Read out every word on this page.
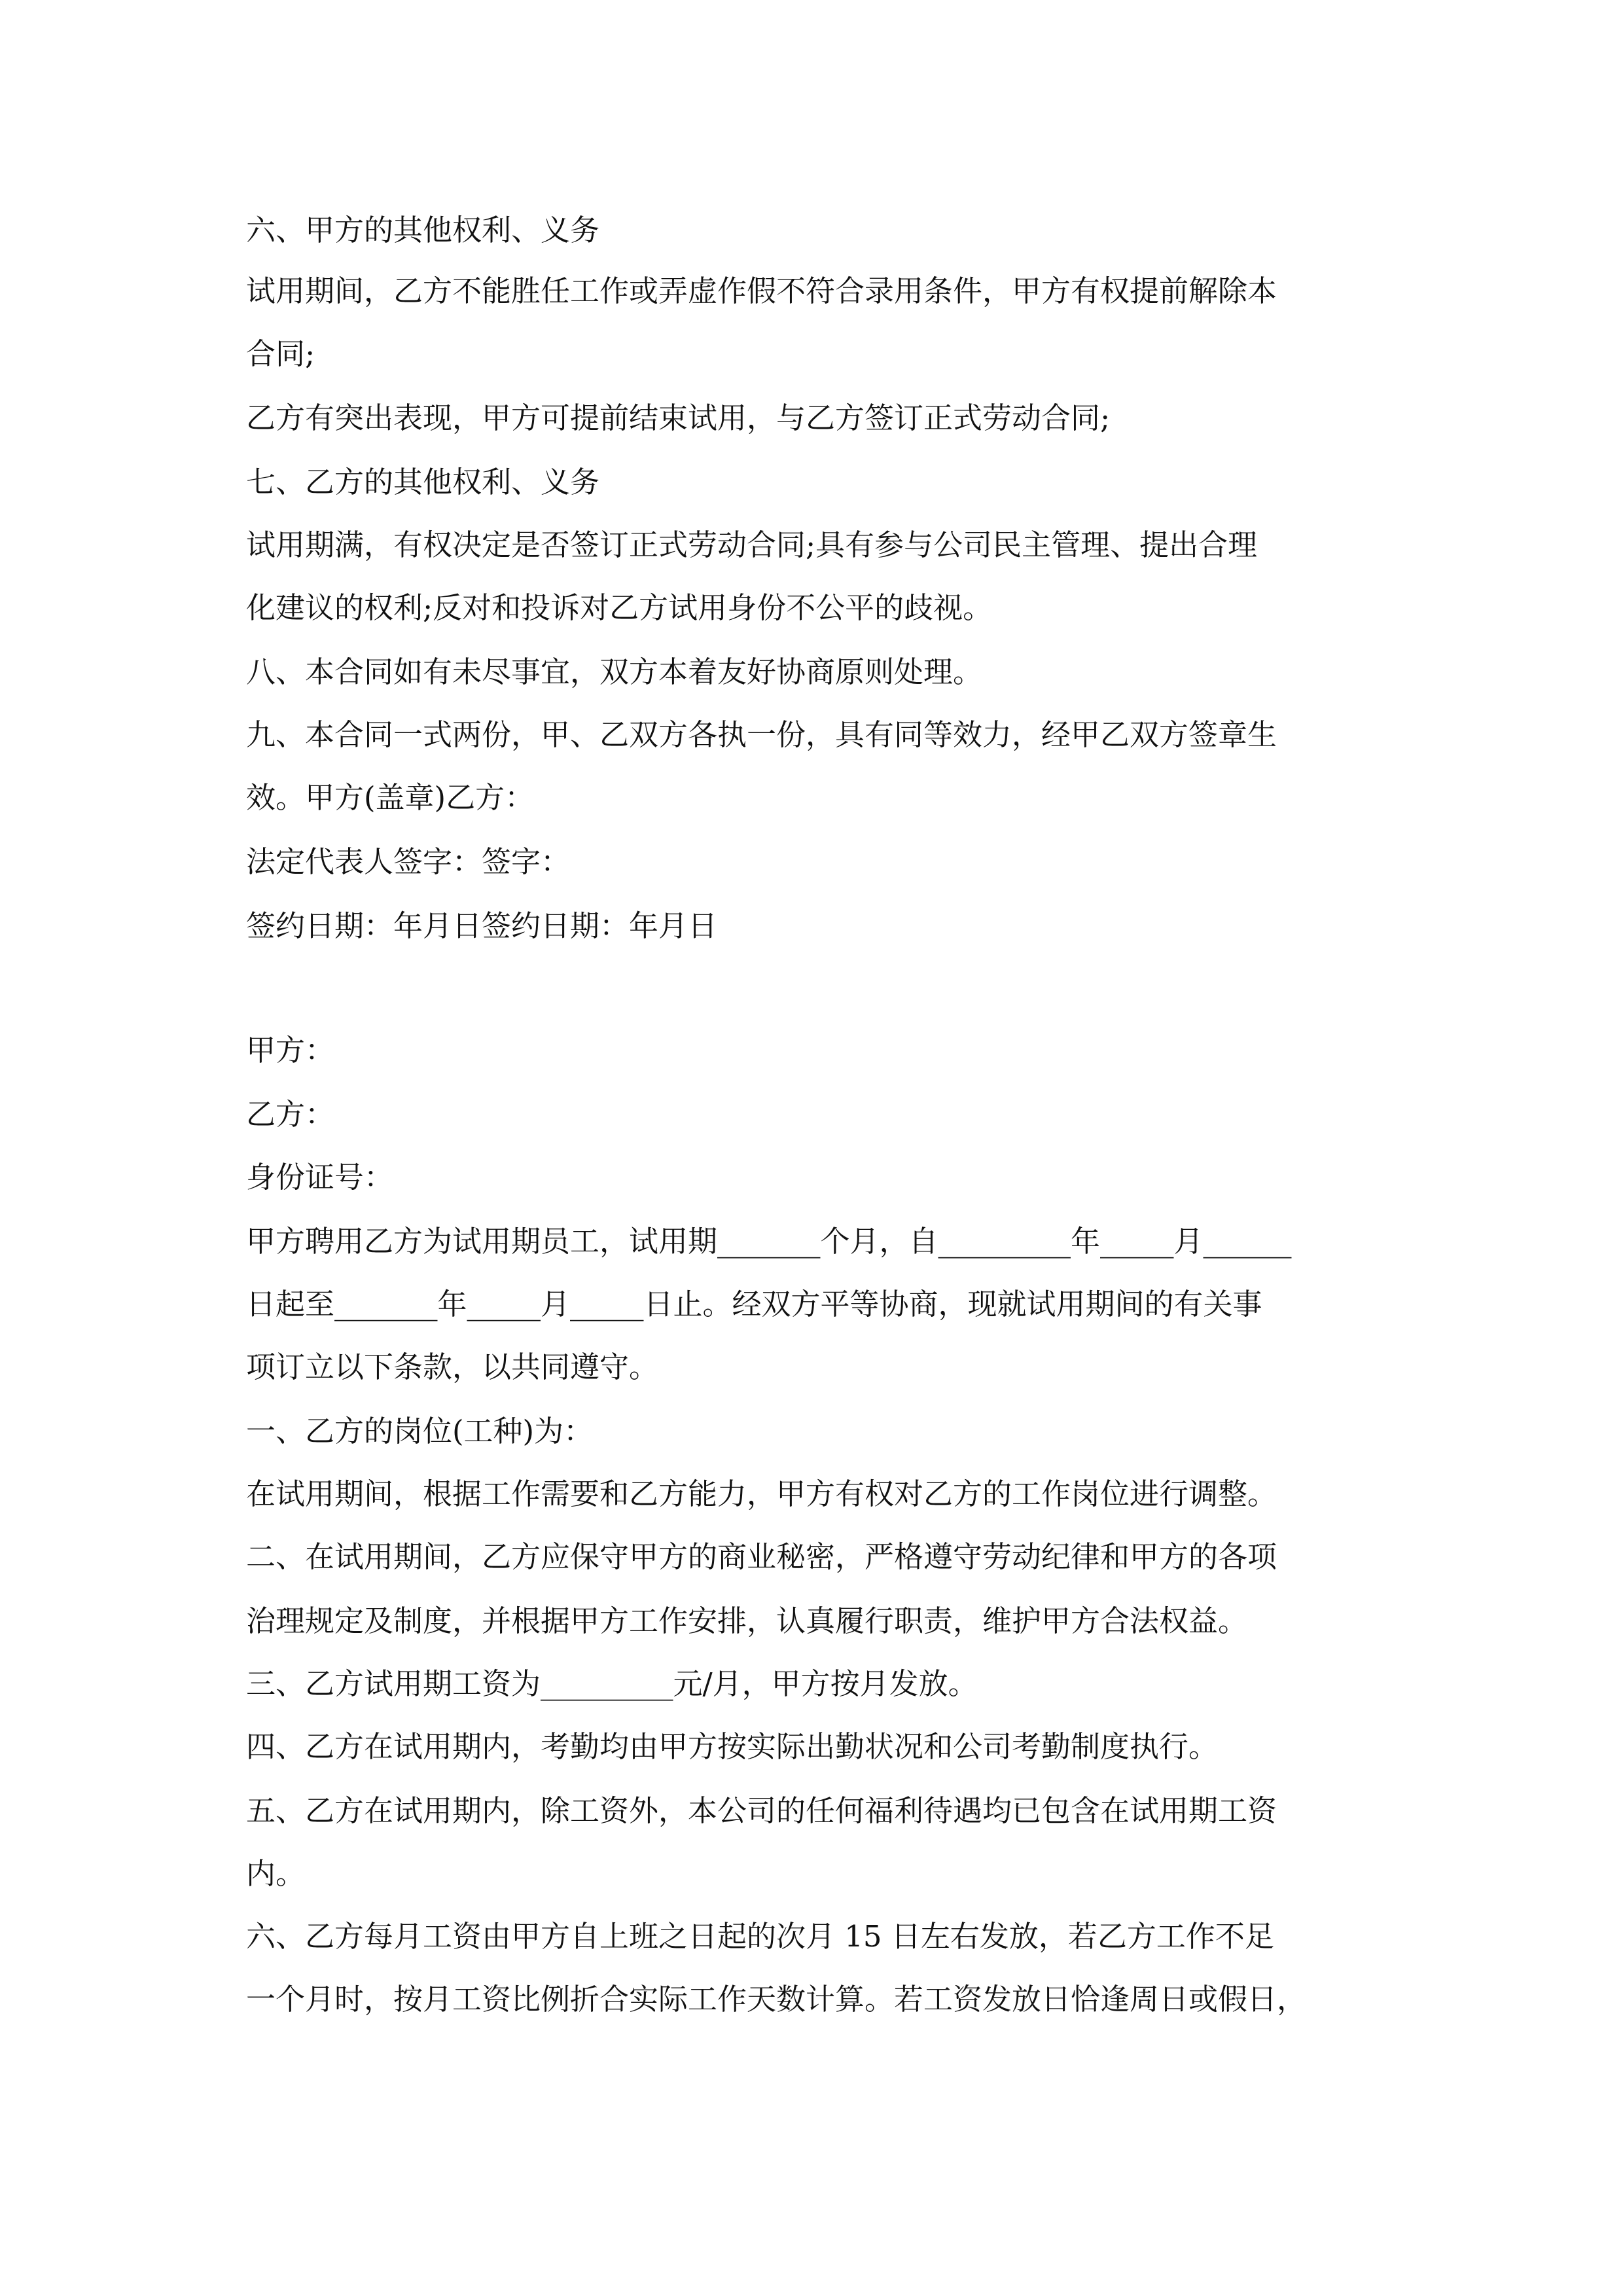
六、甲方的其他权利、义务

试用期间，乙方不能胜任工作或弄虚作假不符合录用条件，甲方有权提前解除本

合同;

乙方有突出表现，甲方可提前结束试用，与乙方签订正式劳动合同;

七、乙方的其他权利、义务

试用期满，有权决定是否签订正式劳动合同;具有参与公司民主管理、提出合理

化建议的权利;反对和投诉对乙方试用身份不公平的歧视。

八、本合同如有未尽事宜，双方本着友好协商原则处理。

九、本合同一式两份，甲、乙双方各执一份，具有同等效力，经甲乙双方签章生

效。甲方(盖章)乙方：

法定代表人签字：签字：

签约日期：年月日签约日期：年月日

甲方：

乙方：

身份证号：

甲方聘用乙方为试用期员工，试用期_______个月，自_________年_____月______

日起至_______年_____月_____日止。经双方平等协商，现就试用期间的有关事

项订立以下条款，以共同遵守。

一、乙方的岗位(工种)为：

在试用期间，根据工作需要和乙方能力，甲方有权对乙方的工作岗位进行调整。

二、在试用期间，乙方应保守甲方的商业秘密，严格遵守劳动纪律和甲方的各项

治理规定及制度，并根据甲方工作安排，认真履行职责，维护甲方合法权益。

三、乙方试用期工资为_________元/月，甲方按月发放。

四、乙方在试用期内，考勤均由甲方按实际出勤状况和公司考勤制度执行。

五、乙方在试用期内，除工资外，本公司的任何福利待遇均已包含在试用期工资

内。

六、乙方每月工资由甲方自上班之日起的次月 15 日左右发放，若乙方工作不足

一个月时，按月工资比例折合实际工作天数计算。若工资发放日恰逢周日或假日，
